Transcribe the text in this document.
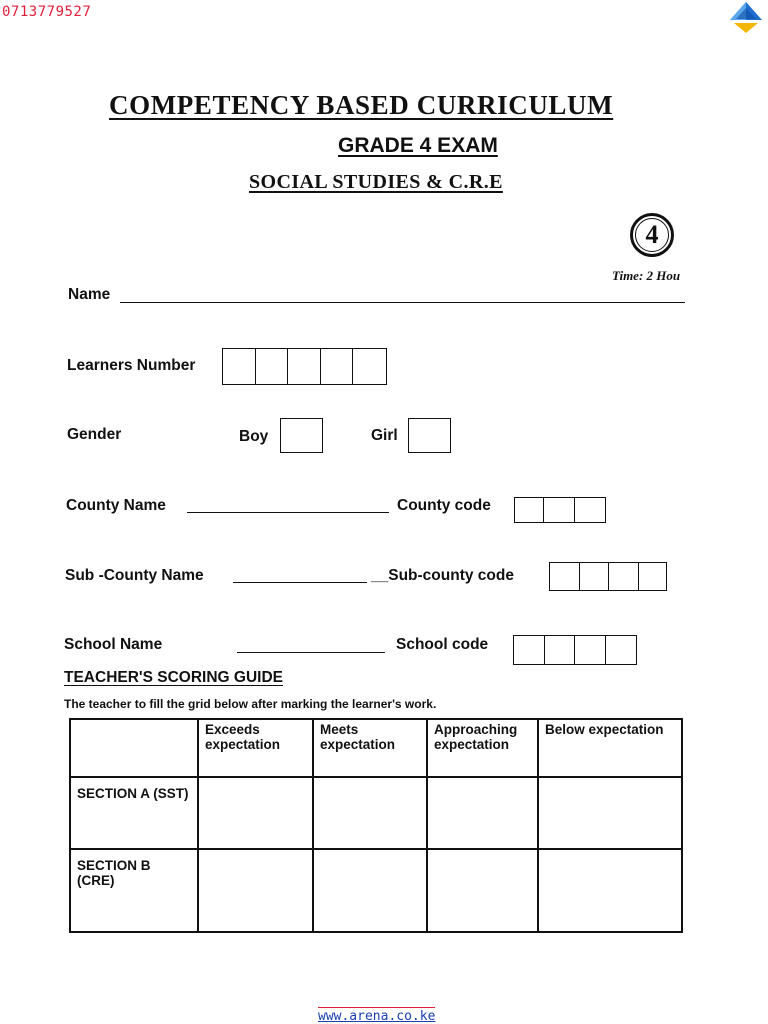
0713779527
COMPETENCY BASED CURRICULUM
GRADE 4 EXAM
SOCIAL STUDIES & C.R.E
4
Time: 2 Hou
Name
Learners Number
Gender	Boy	Girl
County Name	County code
Sub -County Name	__Sub-county code
School Name	School code
TEACHER'S SCORING GUIDE
The teacher to fill the grid below after marking the learner's work.
	Exceeds expectation	Meets expectation	Approaching expectation	Below expectation
SECTION A (SST)				
SECTION B (CRE)				
www.arena.co.ke
